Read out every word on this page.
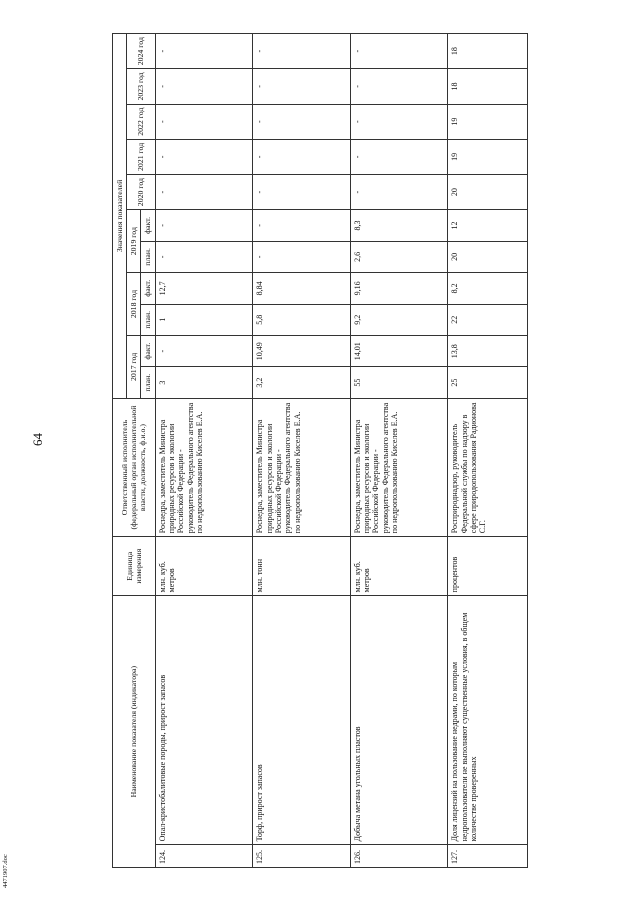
64
Наименование показателя (индикатора)		Единица измерения	Ответственный исполнитель (федеральный орган исполнительной власти, должность, ф.и.о.)	Значения показателей										
				2017 год		2018 год		2019 год		2020 год	2021 год	2022 год	2023 год	2024 год
				план.	факт.	план.	факт.	план.	факт.					
124.	Опал-кристобалитовые породы, прирост запасов	млн. куб. метров	Роснедра, заместитель Министра природных ресурсов и экологии Российской Федерации - руководитель Федерального агентства по недропользованию Киселев Е.А.	3	-	1	12,7	-	-	-	-	-	-	-
125.	Торф, прирост запасов	млн. тонн	Роснедра, заместитель Министра природных ресурсов и экологии Российской Федерации - руководитель Федерального агентства по недропользованию Киселев Е.А.	3,2	10,49	5,8	8,84	-	-	-	-	-	-	-
126.	Добыча метана угольных пластов	млн. куб. метров	Роснедра, заместитель Министра природных ресурсов и экологии Российской Федерации - руководитель Федерального агентства по недропользованию Киселев Е.А.	55	14,01	9,2	9,16	2,6	8,3	-	-	-	-	-
127.	Доля лицензий на пользование недрами, по которым недропользователи не выполняют существенные условия, в общем количестве проверенных	процентов	Росприроднадзор, руководитель Федеральной службы по надзору в сфере природопользования Радионова С.Г.	25	13,8	22	8,2	20	12	20	19	19	18	18
4471907.doc
